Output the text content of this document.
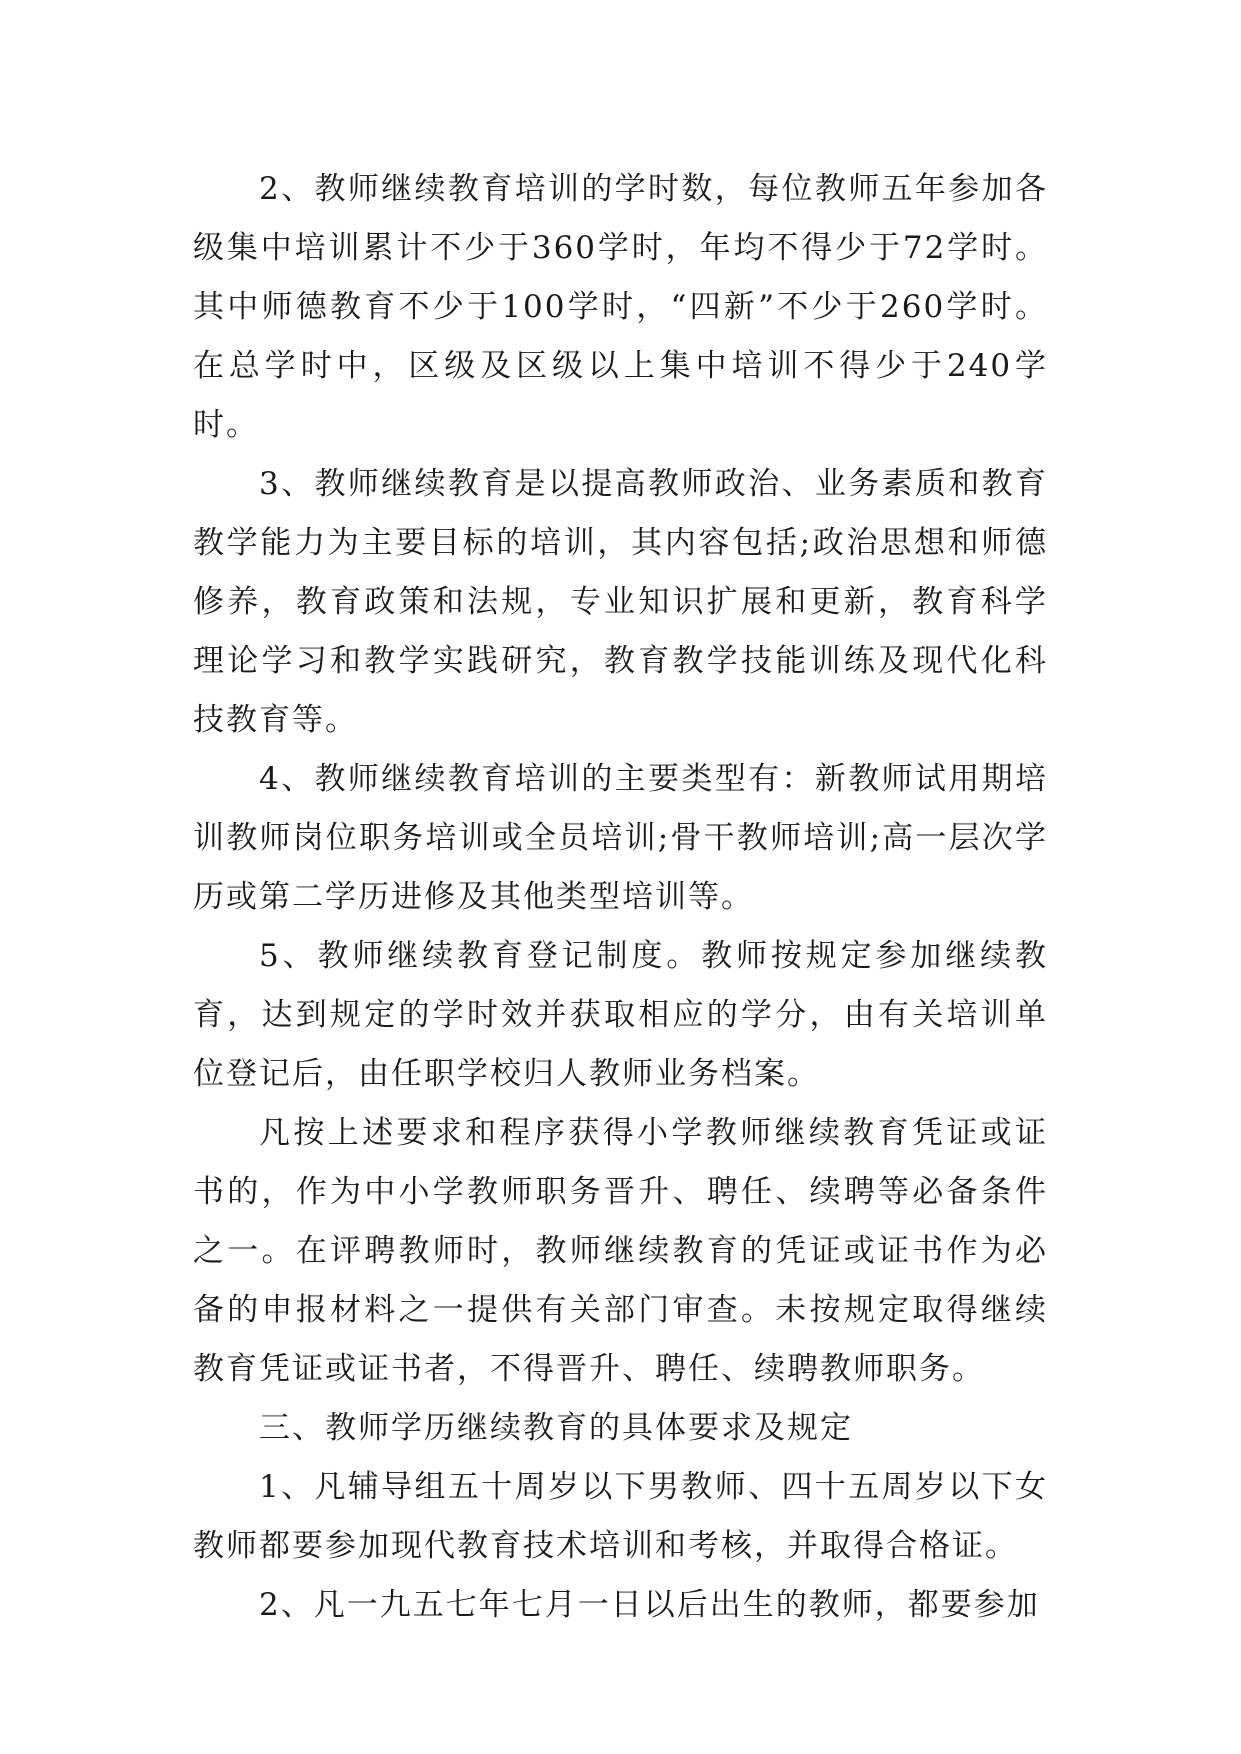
2、教师继续教育培训的学时数，每位教师五年参加各级集中培训累计不少于360学时，年均不得少于72学时。其中师德教育不少于100学时，“四新”不少于260学时。在总学时中，区级及区级以上集中培训不得少于240学时。

3、教师继续教育是以提高教师政治、业务素质和教育教学能力为主要目标的培训，其内容包括;政治思想和师德修养，教育政策和法规，专业知识扩展和更新，教育科学理论学习和教学实践研究，教育教学技能训练及现代化科技教育等。

4、教师继续教育培训的主要类型有：新教师试用期培训教师岗位职务培训或全员培训;骨干教师培训;高一层次学历或第二学历进修及其他类型培训等。

5、教师继续教育登记制度。教师按规定参加继续教育，达到规定的学时效并获取相应的学分，由有关培训单位登记后，由任职学校归人教师业务档案。

凡按上述要求和程序获得小学教师继续教育凭证或证书的，作为中小学教师职务晋升、聘任、续聘等必备条件之一。在评聘教师时，教师继续教育的凭证或证书作为必备的申报材料之一提供有关部门审查。未按规定取得继续教育凭证或证书者，不得晋升、聘任、续聘教师职务。

三、教师学历继续教育的具体要求及规定

1、凡辅导组五十周岁以下男教师、四十五周岁以下女教师都要参加现代教育技术培训和考核，并取得合格证。

2、凡一九五七年七月一日以后出生的教师，都要参加
